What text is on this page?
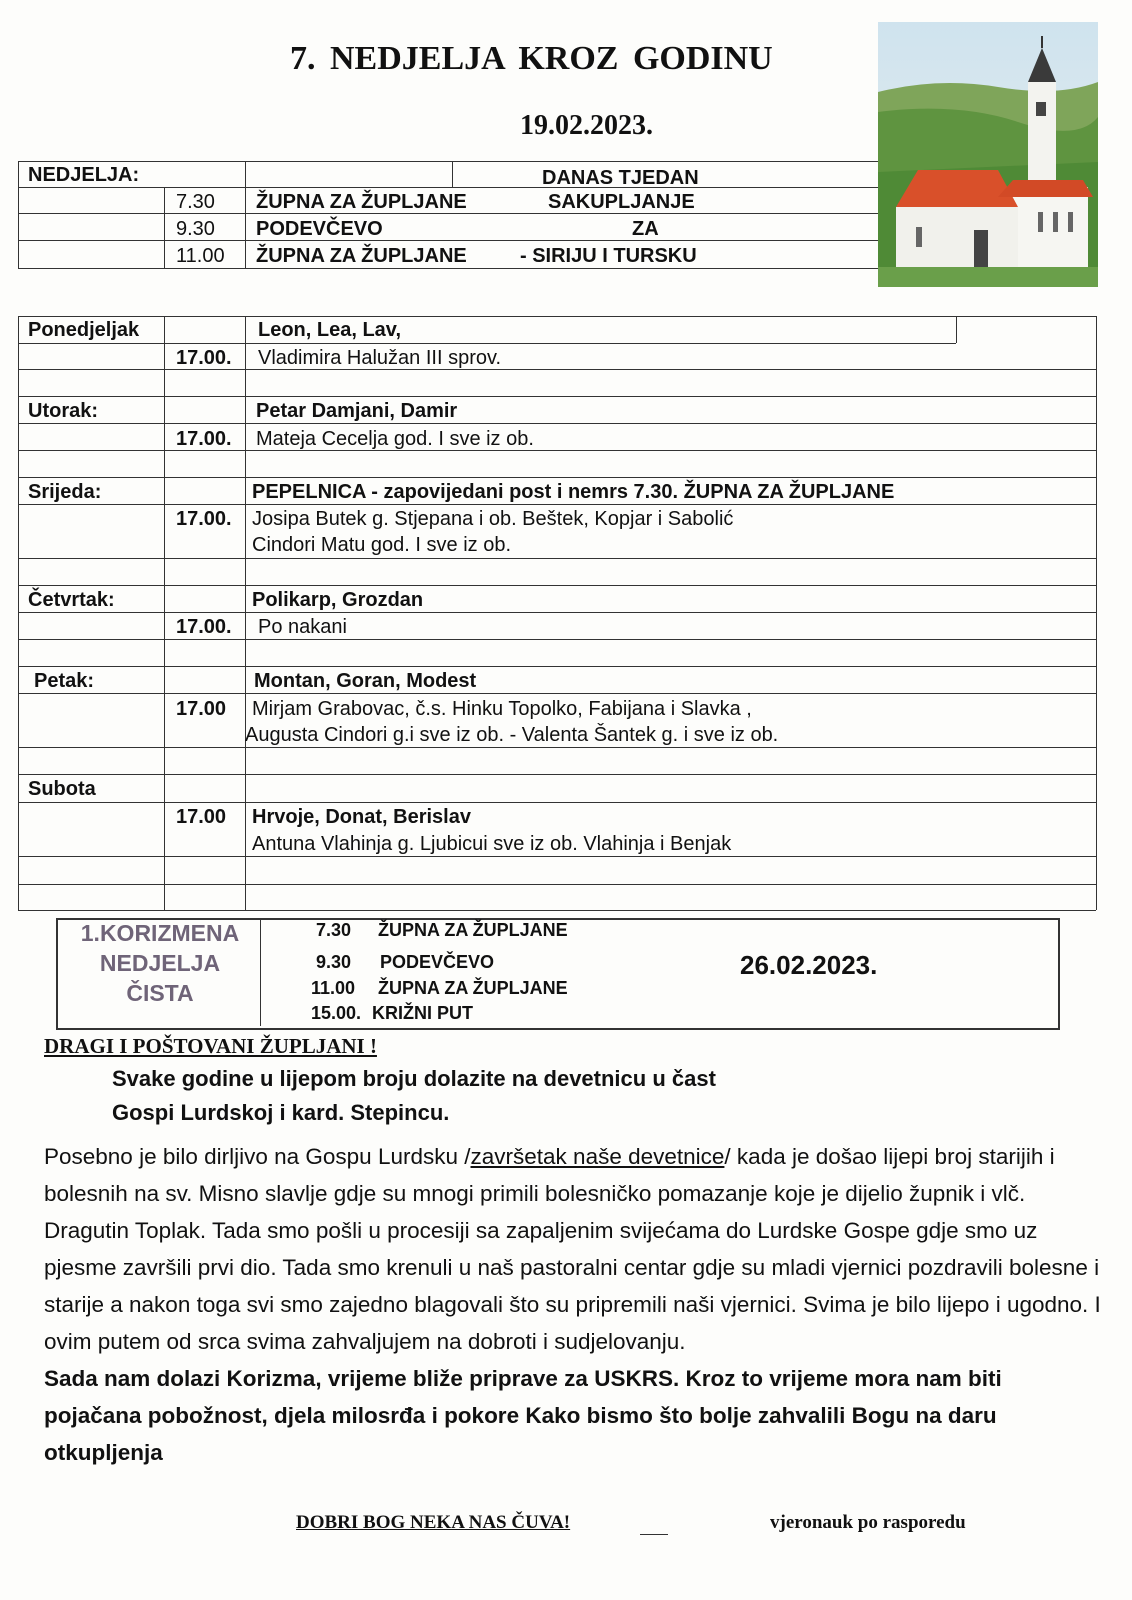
7. NEDJELJA KROZ GODINU
19.02.2023.
NEDJELJA:	DANAS TJEDAN
7.30 ŽUPNA ZA ŽUPLJANE	SAKUPLJANJE
9.30 PODEVČEVO	ZA
11.00 ŽUPNA ZA ŽUPLJANE	- SIRIJU I TURSKU
Ponedjeljak	Leon, Lea, Lav,
17.00. Vladimira Halužan III sprov.
Utorak:	Petar Damjani, Damir
17.00. Mateja Cecelja god. I sve iz ob.
Srijeda:	PEPELNICA - zapovijedani post i nemrs 7.30. ŽUPNA ZA ŽUPLJANE
17.00. Josipa Butek g. Stjepana i ob. Beštek, Kopjar i Sabolić
Cindori Matu god. I sve iz ob.
Četvrtak:	Polikarp, Grozdan
17.00. Po nakani
Petak:	Montan, Goran, Modest
17.00 Mirjam Grabovac, č.s. Hinku Topolko, Fabijana i Slavka ,
Augusta Cindori g.i sve iz ob. - Valenta Šantek g. i sve iz ob.
Subota
17.00 Hrvoje, Donat, Berislav
Antuna Vlahinja g. Ljubicui sve iz ob. Vlahinja i Benjak
1.KORIZMENA
NEDJELJA
ČISTA
7.30 ŽUPNA ZA ŽUPLJANE
9.30 PODEVČEVO
11.00 ŽUPNA ZA ŽUPLJANE
15.00. KRIŽNI PUT
26.02.2023.
DRAGI I POŠTOVANI ŽUPLJANI !
Svake godine u lijepom broju dolazite na devetnicu u čast
Gospi Lurdskoj i kard. Stepincu.

Posebno je bilo dirljivo na Gospu Lurdsku /završetak naše devetnice/ kada je došao lijepi broj starijih i bolesnih na sv. Misno slavlje gdje su mnogi primili bolesničko pomazanje koje je dijelio župnik i vlč. Dragutin Toplak. Tada smo pošli u procesiji sa zapaljenim svijećama do Lurdske Gospe gdje smo uz pjesme završili prvi dio. Tada smo krenuli u naš pastoralni centar gdje su mladi vjernici pozdravili bolesne i starije a nakon toga svi smo zajedno blagovali što su pripremili naši vjernici. Svima je bilo lijepo i ugodno. I ovim putem od srca svima zahvaljujem na dobroti i sudjelovanju.

Sada nam dolazi Korizma, vrijeme bliže priprave za USKRS. Kroz to vrijeme mora nam biti pojačana pobožnost, djela milosrđa i pokore Kako bismo što bolje zahvalili Bogu na daru otkupljenja

DOBRI BOG NEKA NAS ČUVA!	vjeronauk po rasporedu
